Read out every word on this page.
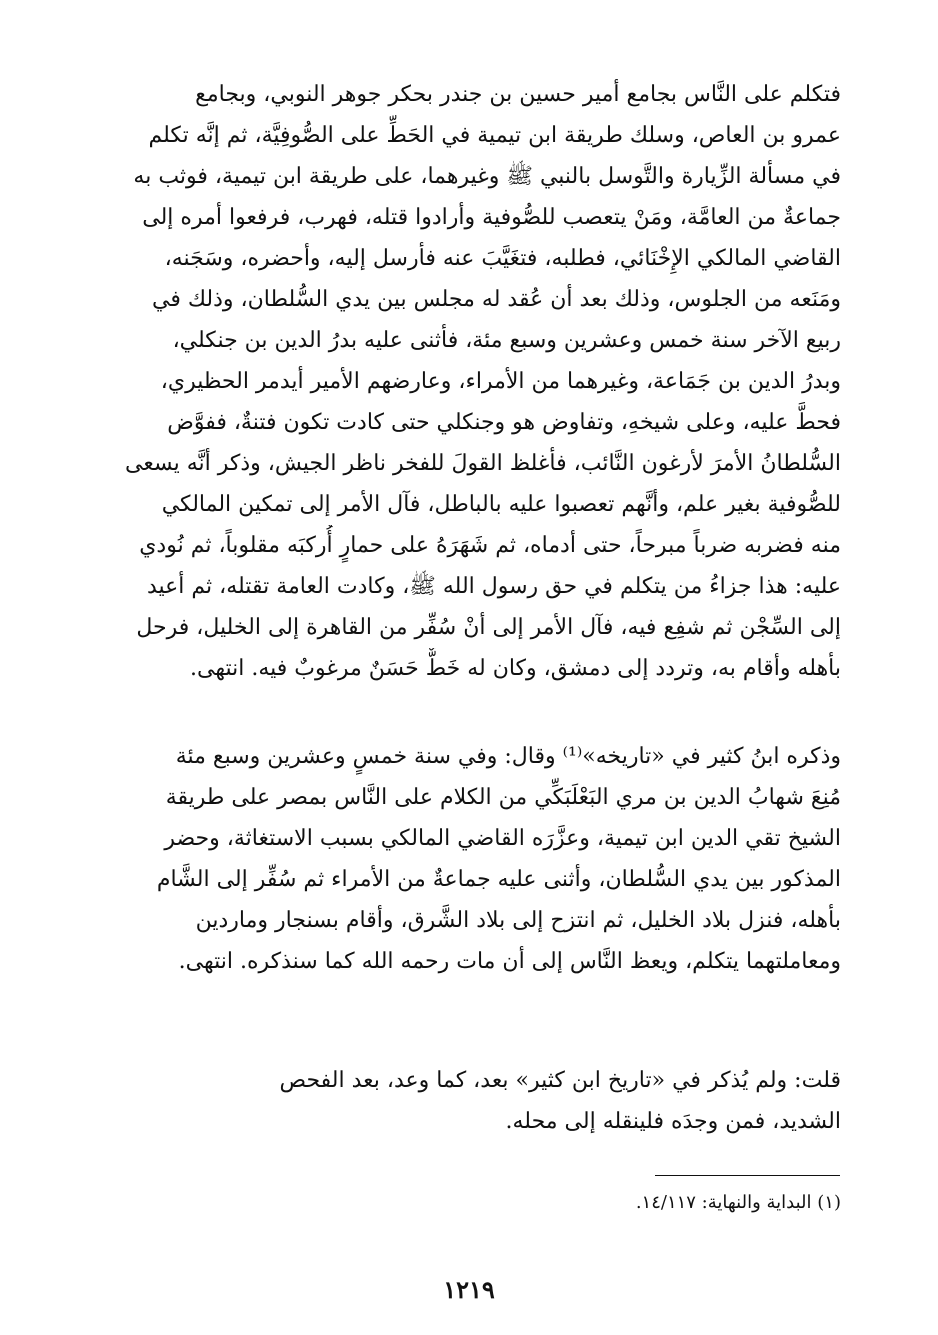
فتكلم على النَّاس بجامع أمير حسين بن جندر بحكر جوهر النوبي، وبجامع
عمرو بن العاص، وسلك طريقة ابن تيمية في الحَطِّ على الصُّوفِيَّة، ثم إنَّه تكلم
في مسألة الزِّيارة والتَّوسل بالنبي ﷺ وغيرهما، على طريقة ابن تيمية، فوثب به
جماعةٌ من العامَّة، ومَنْ يتعصب للصُّوفية وأرادوا قتله، فهرب، فرفعوا أمره إلى
القاضي المالكي الإِخْنَائي، فطلبه، فتغَيَّبَ عنه فأرسل إليه، وأحضره، وسَجَنه،
ومَنَعه من الجلوس، وذلك بعد أن عُقد له مجلس بين يدي السُّلطان، وذلك في
ربيع الآخر سنة خمس وعشرين وسبع مئة، فأثنى عليه بدرُ الدين بن جنكلي،
وبدرُ الدين بن جَمَاعة، وغيرهما من الأمراء، وعارضهم الأمير أيدمر الحظيري،
فحطَّ عليه، وعلى شيخهِ، وتفاوض هو وجنكلي حتى كادت تكون فتنةٌ، ففوَّض
السُّلطانُ الأمرَ لأرغون النَّائب، فأغلظ القولَ للفخر ناظر الجيش، وذكر أنَّه يسعى
للصُّوفية بغير علم، وأنَّهم تعصبوا عليه بالباطل، فآل الأمر إلى تمكين المالكي
منه فضربه ضرباً مبرحاً، حتى أدماه، ثم شَهَرَهُ على حمارٍ أُركبَه مقلوباً، ثم نُودي
عليه: هذا جزاءُ من يتكلم في حق رسول الله ﷺ، وكادت العامة تقتله، ثم أعيد
إلى السِّجْن ثم شفِع فيه، فآل الأمر إلى أنْ سُفِّر من القاهرة إلى الخليل، فرحل
بأهله وأقام به، وتردد إلى دمشق، وكان له خَطٌّ حَسَنٌ مرغوبٌ فيه. انتهى.
وذكره ابنُ كثير في «تاريخه»⁽¹⁾ وقال: وفي سنة خمسٍ وعشرين وسبع مئة
مُنِعَ شهابُ الدين بن مري البَعْلَبَكِّي من الكلام على النَّاس بمصر على طريقة
الشيخ تقي الدين ابن تيمية، وعزَّرَه القاضي المالكي بسبب الاستغاثة، وحضر
المذكور بين يدي السُّلطان، وأثنى عليه جماعةٌ من الأمراء ثم سُفِّر إلى الشَّام
بأهله، فنزل بلاد الخليل، ثم انتزح إلى بلاد الشَّرق، وأقام بسنجار وماردين
ومعاملتهما يتكلم، ويعظ النَّاس إلى أن مات رحمه الله كما سنذكره. انتهى.
قلت: ولم يُذكر في «تاريخ ابن كثير» بعد، كما وعد، بعد الفحص
الشديد، فمن وجدَه فلينقله إلى محله.
(١) البداية والنهاية: ١٤/١١٧.
١٢١٩
